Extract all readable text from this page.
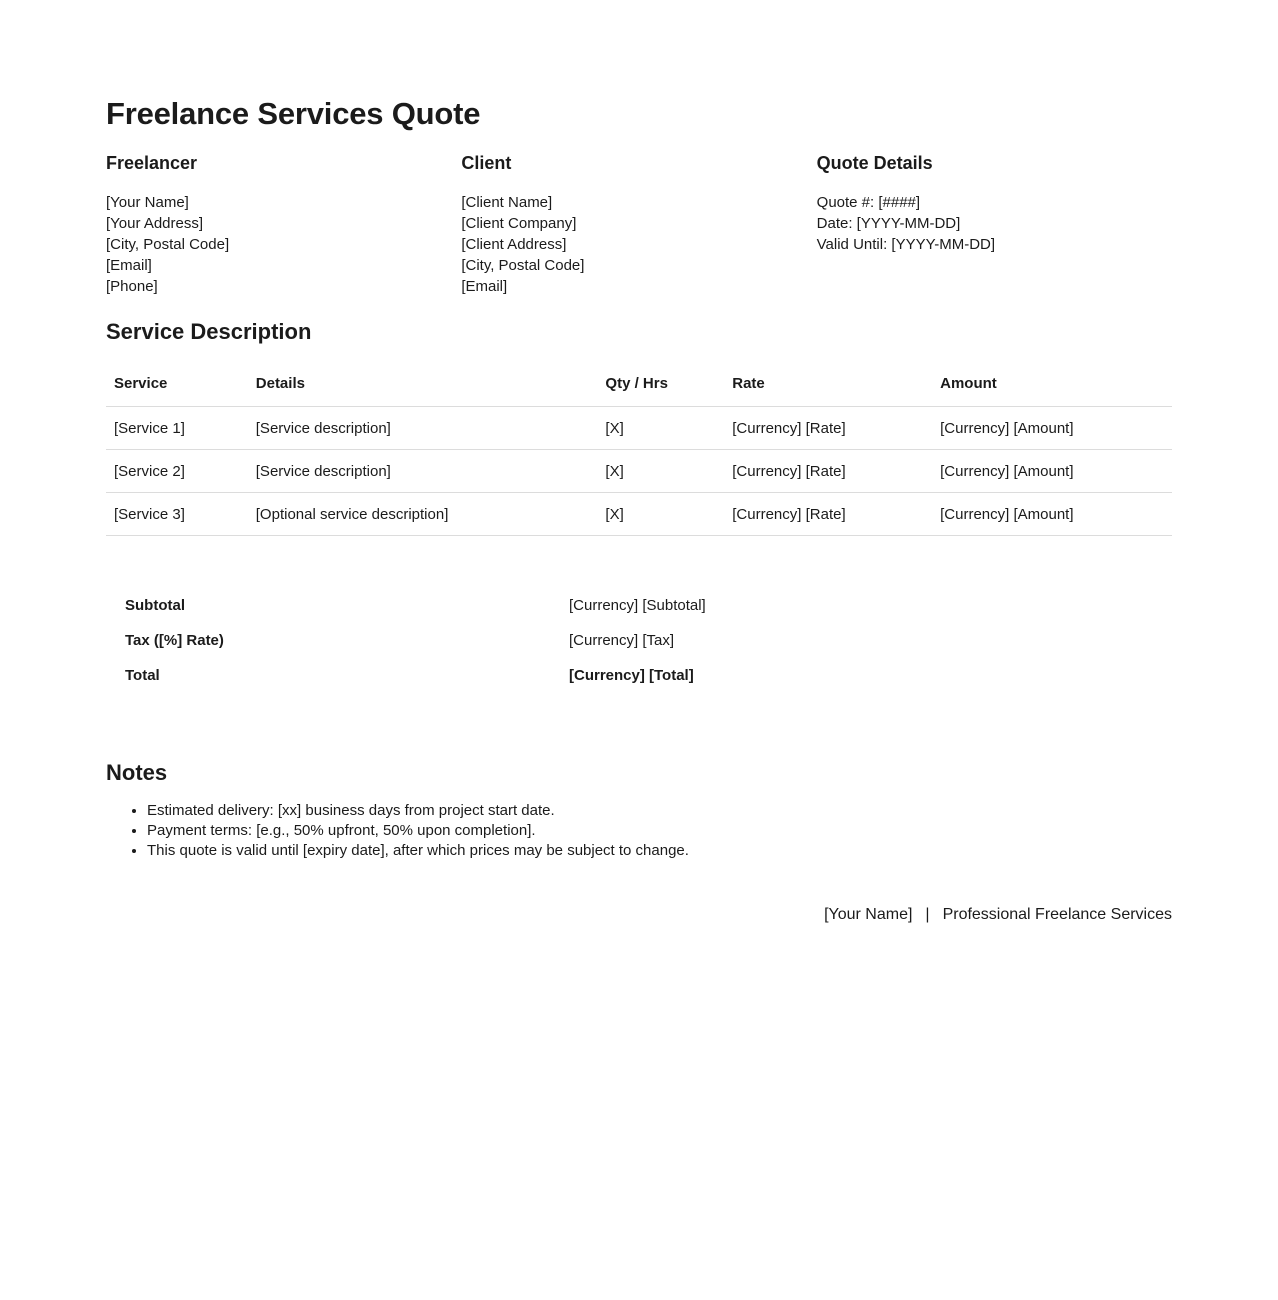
Freelance Services Quote
Freelancer
[Your Name]
[Your Address]
[City, Postal Code]
[Email]
[Phone]
Client
[Client Name]
[Client Company]
[Client Address]
[City, Postal Code]
[Email]
Quote Details
Quote #: [####]
Date: [YYYY-MM-DD]
Valid Until: [YYYY-MM-DD]
Service Description
Service	Details	Qty / Hrs	Rate	Amount
[Service 1]	[Service description]	[X]	[Currency] [Rate]	[Currency] [Amount]
[Service 2]	[Service description]	[X]	[Currency] [Rate]	[Currency] [Amount]
[Service 3]	[Optional service description]	[X]	[Currency] [Rate]	[Currency] [Amount]
Subtotal	[Currency] [Subtotal]
Tax ([%] Rate)	[Currency] [Tax]
Total	[Currency] [Total]
Notes
• Estimated delivery: [xx] business days from project start date.
• Payment terms: [e.g., 50% upfront, 50% upon completion].
• This quote is valid until [expiry date], after which prices may be subject to change.
[Your Name] | Professional Freelance Services
